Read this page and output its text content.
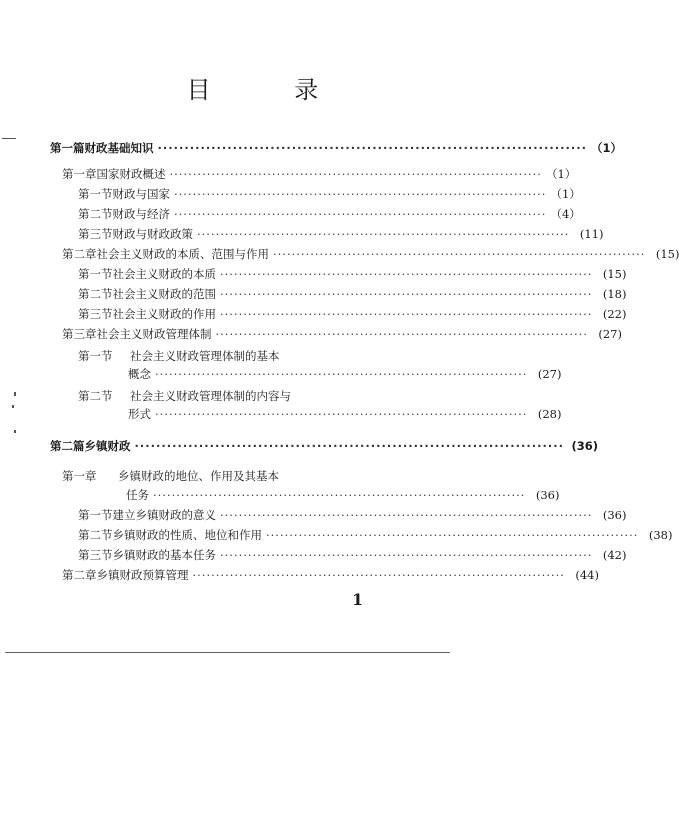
目 录
第一篇 财政基础知识 ················································································ （1）
第一章 国家财政概述 ················································································ （1）
第一节 财政与国家 ················································································ （1）
第二节 财政与经济 ················································································ （4）
第三节 财政与财政政策 ················································································ (11)
第二章 社会主义财政的本质、范围与作用 ················································································ (15)
第一节 社会主义财政的本质 ················································································ (15)
第二节 社会主义财政的范围 ················································································ (18)
第三节 社会主义财政的作用 ················································································ (22)
第三章 社会主义财政管理体制 ················································································ (27)
第一节	社会主义财政管理体制的基本
概念 ················································································ (27)
第二节	社会主义财政管理体制的内容与
形式 ················································································ (28)
第二篇 乡镇财政 ················································································ (36)
第一章	乡镇财政的地位、作用及其基本
任务 ················································································ (36)
第一节 建立乡镇财政的意义 ················································································ (36)
第二节 乡镇财政的性质、地位和作用 ················································································ (38)
第三节 乡镇财政的基本任务 ················································································ (42)
第二章 乡镇财政预算管理 ················································································ (44)
1
